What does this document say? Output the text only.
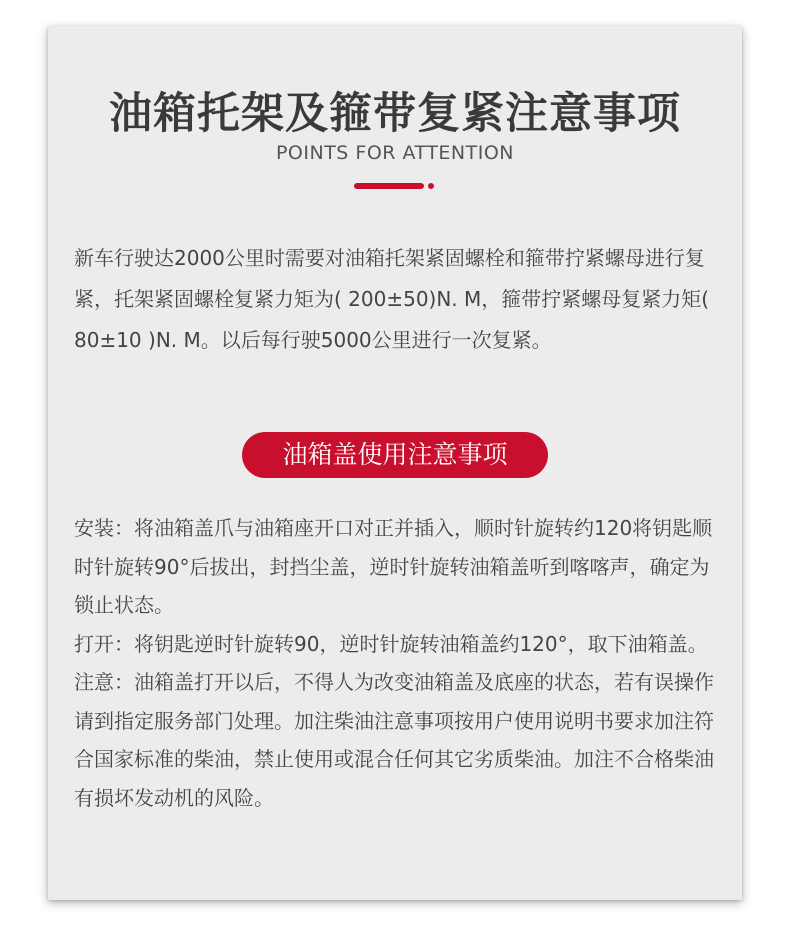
油箱托架及箍带复紧注意事项
POINTS FOR ATTENTION

新车行驶达2000公里时需要对油箱托架紧固螺栓和箍带拧紧螺母进行复紧，托架紧固螺栓复紧力矩为( 200±50)N. M，箍带拧紧螺母复紧力矩( 80±10 )N. M。以后每行驶5000公里进行一次复紧。

油箱盖使用注意事项

安装：将油箱盖爪与油箱座开口对正并插入，顺时针旋转约120将钥匙顺时针旋转90°后拔出，封挡尘盖，逆时针旋转油箱盖听到喀喀声，确定为锁止状态。

打开：将钥匙逆时针旋转90，逆时针旋转油箱盖约120°，取下油箱盖。

注意：油箱盖打开以后，不得人为改变油箱盖及底座的状态，若有误操作请到指定服务部门处理。加注柴油注意事项按用户使用说明书要求加注符合国家标准的柴油，禁止使用或混合任何其它劣质柴油。加注不合格柴油有损坏发动机的风险。
